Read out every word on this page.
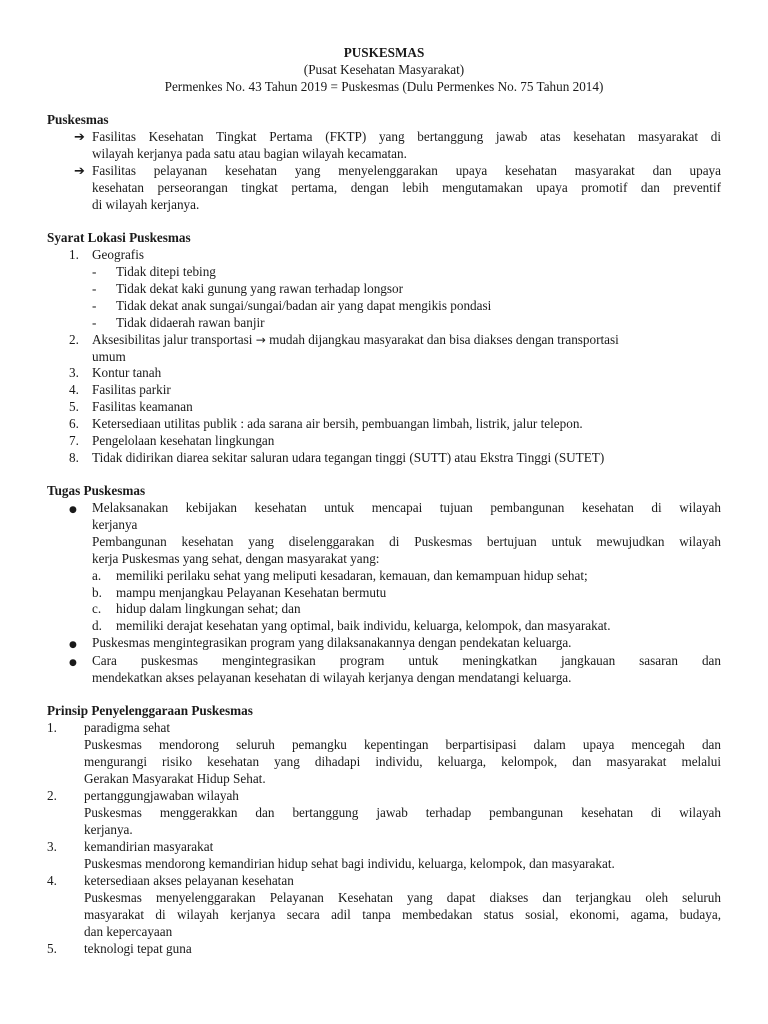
PUSKESMAS
(Pusat Kesehatan Masyarakat)
Permenkes No. 43 Tahun 2019 = Puskesmas (Dulu Permenkes No. 75 Tahun 2014)
Puskesmas
➔ Fasilitas Kesehatan Tingkat Pertama (FKTP) yang bertanggung jawab atas kesehatan masyarakat di
wilayah kerjanya pada satu atau bagian wilayah kecamatan.
➔ Fasilitas pelayanan kesehatan yang menyelenggarakan upaya kesehatan masyarakat dan upaya
kesehatan perseorangan tingkat pertama, dengan lebih mengutamakan upaya promotif dan preventif
di wilayah kerjanya.
Syarat Lokasi Puskesmas
1. Geografis
- Tidak ditepi tebing
- Tidak dekat kaki gunung yang rawan terhadap longsor
- Tidak dekat anak sungai/sungai/badan air yang dapat mengikis pondasi
- Tidak didaerah rawan banjir
2. Aksesibilitas jalur transportasi → mudah dijangkau masyarakat dan bisa diakses dengan transportasi
umum
3. Kontur tanah
4. Fasilitas parkir
5. Fasilitas keamanan
6. Ketersediaan utilitas publik : ada sarana air bersih, pembuangan limbah, listrik, jalur telepon.
7. Pengelolaan kesehatan lingkungan
8. Tidak didirikan diarea sekitar saluran udara tegangan tinggi (SUTT) atau Ekstra Tinggi (SUTET)
Tugas Puskesmas
● Melaksanakan kebijakan kesehatan untuk mencapai tujuan pembangunan kesehatan di wilayah
kerjanya
Pembangunan kesehatan yang diselenggarakan di Puskesmas bertujuan untuk mewujudkan wilayah
kerja Puskesmas yang sehat, dengan masyarakat yang:
a. memiliki perilaku sehat yang meliputi kesadaran, kemauan, dan kemampuan hidup sehat;
b. mampu menjangkau Pelayanan Kesehatan bermutu
c. hidup dalam lingkungan sehat; dan
d. memiliki derajat kesehatan yang optimal, baik individu, keluarga, kelompok, dan masyarakat.
● Puskesmas mengintegrasikan program yang dilaksanakannya dengan pendekatan keluarga.
● Cara puskesmas mengintegrasikan program untuk meningkatkan jangkauan sasaran dan
mendekatkan akses pelayanan kesehatan di wilayah kerjanya dengan mendatangi keluarga.
Prinsip Penyelenggaraan Puskesmas
1. paradigma sehat
Puskesmas mendorong seluruh pemangku kepentingan berpartisipasi dalam upaya mencegah dan
mengurangi risiko kesehatan yang dihadapi individu, keluarga, kelompok, dan masyarakat melalui
Gerakan Masyarakat Hidup Sehat.
2. pertanggungjawaban wilayah
Puskesmas menggerakkan dan bertanggung jawab terhadap pembangunan kesehatan di wilayah
kerjanya.
3. kemandirian masyarakat
Puskesmas mendorong kemandirian hidup sehat bagi individu, keluarga, kelompok, dan masyarakat.
4. ketersediaan akses pelayanan kesehatan
Puskesmas menyelenggarakan Pelayanan Kesehatan yang dapat diakses dan terjangkau oleh seluruh
masyarakat di wilayah kerjanya secara adil tanpa membedakan status sosial, ekonomi, agama, budaya,
dan kepercayaan
5. teknologi tepat guna
